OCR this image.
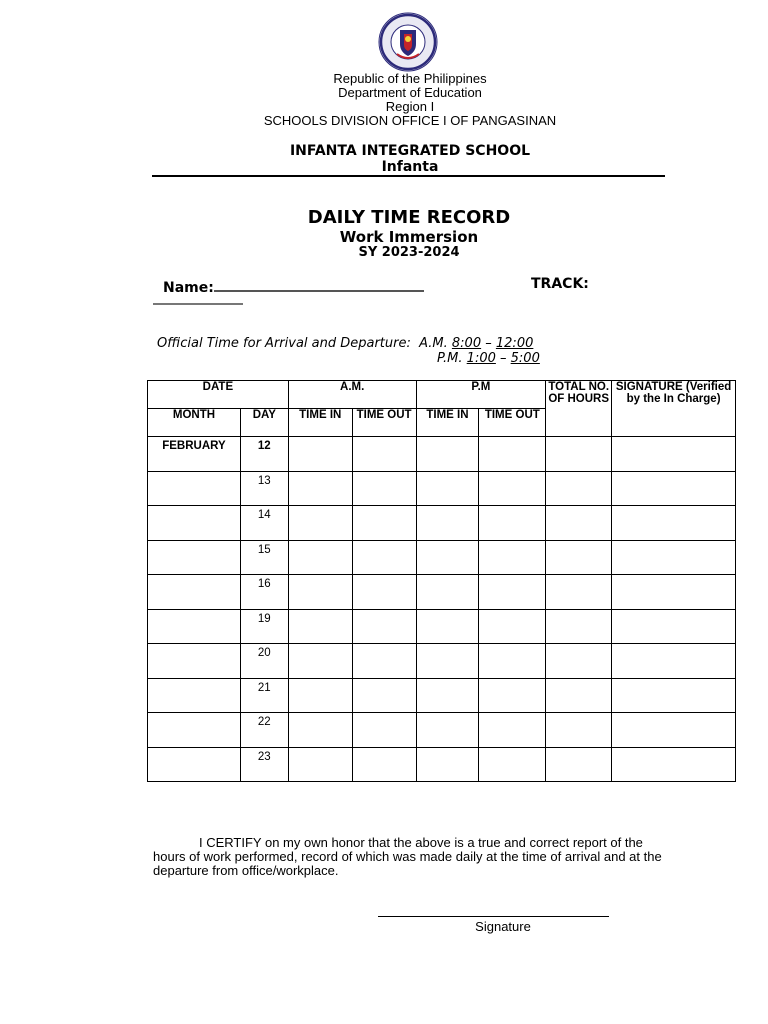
Republic of the Philippines
Department of Education
Region I
SCHOOLS DIVISION OFFICE I OF PANGASINAN
INFANTA INTEGRATED SCHOOL
Infanta
DAILY TIME RECORD
Work Immersion
SY 2023-2024
Name:	TRACK:
Official Time for Arrival and Departure: A.M. 8:00 – 12:00
P.M. 1:00 – 5:00
DATE		A.M.		P.M		TOTAL NO. OF HOURS	SIGNATURE (Verified by the In Charge)
MONTH	DAY	TIME IN	TIME OUT	TIME IN	TIME OUT		
FEBRUARY	12						
	13						
	14						
	15						
	16						
	19						
	20						
	21						
	22						
	23						
I CERTIFY on my own honor that the above is a true and correct report of the hours of work performed, record of which was made daily at the time of arrival and at the departure from office/workplace.
Signature
